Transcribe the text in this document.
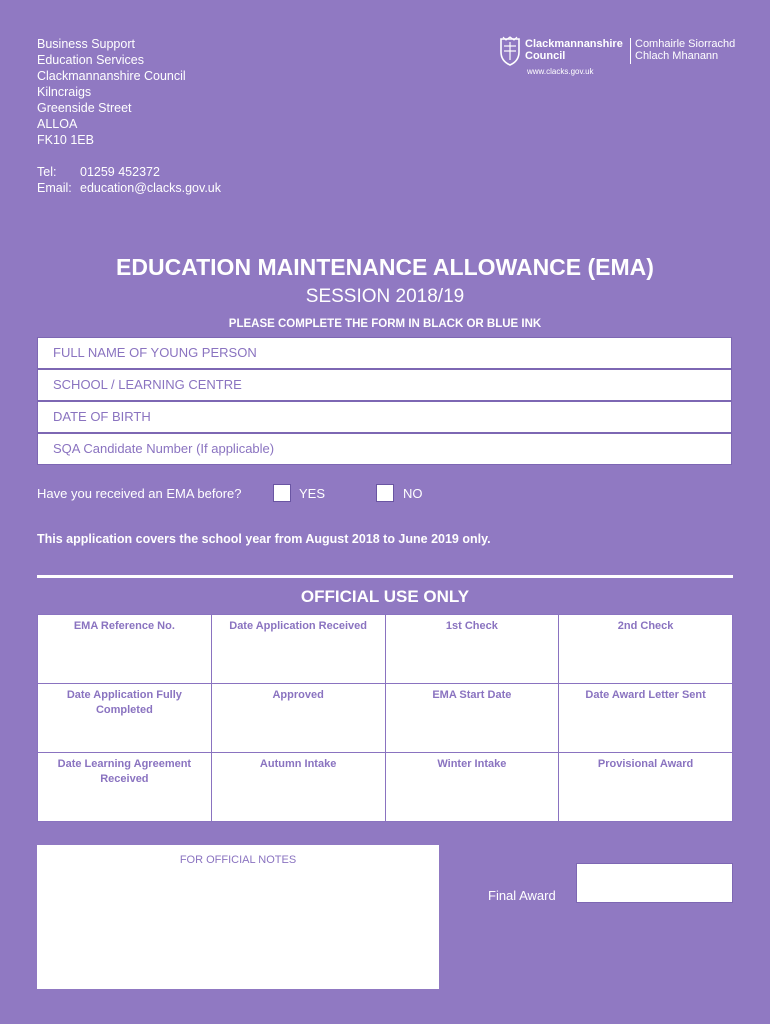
Business Support
Education Services
Clackmannanshire Council
Kilncraigs
Greenside Street
ALLOA
FK10 1EB
Tel: 01259 452372
Email: education@clacks.gov.uk
Clackmannanshire
Council
Comhairle Siorrachd
Chlach Mhanann
www.clacks.gov.uk
EDUCATION MAINTENANCE ALLOWANCE (EMA)
SESSION 2018/19
PLEASE COMPLETE THE FORM IN BLACK OR BLUE INK
FULL NAME OF YOUNG PERSON
SCHOOL / LEARNING CENTRE
DATE OF BIRTH
SQA Candidate Number (If applicable)
Have you received an EMA before?	YES	NO
This application covers the school year from August 2018 to June 2019 only.
OFFICIAL USE ONLY
EMA Reference No.	Date Application Received	1st Check	2nd Check
Date Application Fully Completed	Approved	EMA Start Date	Date Award Letter Sent
Date Learning Agreement Received	Autumn Intake	Winter Intake	Provisional Award
FOR OFFICIAL NOTES
Final Award
